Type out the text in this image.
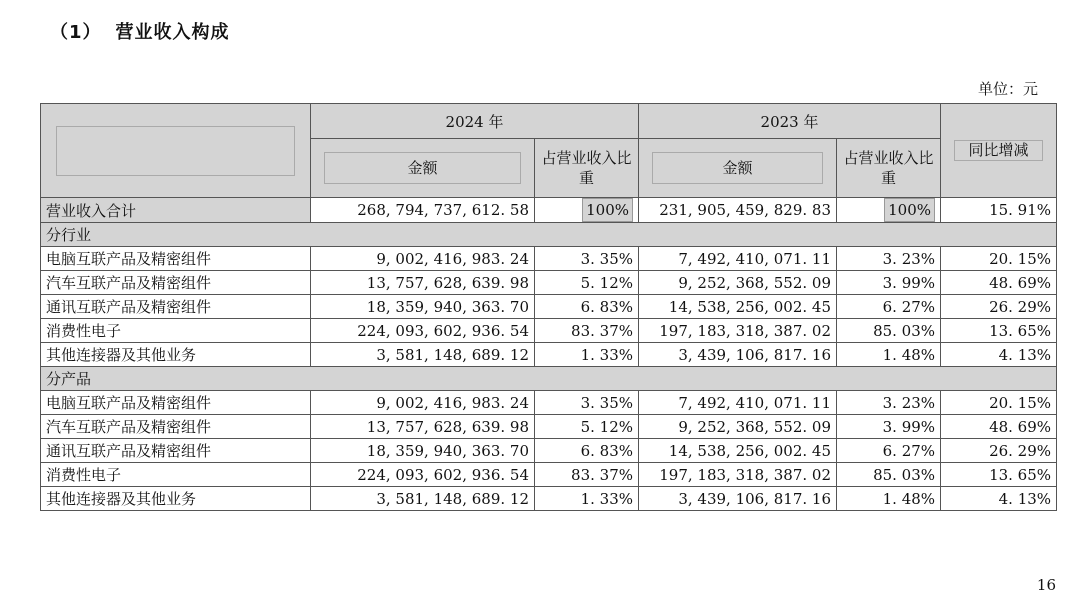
（1） 营业收入构成
单位：元
	2024 年		2023 年		同比增减

	金额	占营业收入比重	金额	占营业收入比重	

营业收入合计	268, 794, 737, 612. 58	100%	231, 905, 459, 829. 83	100%	15. 91%
分行业					
电脑互联产品及精密组件	9, 002, 416, 983. 24	3. 35%	7, 492, 410, 071. 11	3. 23%	20. 15%
汽车互联产品及精密组件	13, 757, 628, 639. 98	5. 12%	9, 252, 368, 552. 09	3. 99%	48. 69%
通讯互联产品及精密组件	18, 359, 940, 363. 70	6. 83%	14, 538, 256, 002. 45	6. 27%	26. 29%
消费性电子	224, 093, 602, 936. 54	83. 37%	197, 183, 318, 387. 02	85. 03%	13. 65%
其他连接器及其他业务	3, 581, 148, 689. 12	1. 33%	3, 439, 106, 817. 16	1. 48%	4. 13%
分产品					
电脑互联产品及精密组件	9, 002, 416, 983. 24	3. 35%	7, 492, 410, 071. 11	3. 23%	20. 15%
汽车互联产品及精密组件	13, 757, 628, 639. 98	5. 12%	9, 252, 368, 552. 09	3. 99%	48. 69%
通讯互联产品及精密组件	18, 359, 940, 363. 70	6. 83%	14, 538, 256, 002. 45	6. 27%	26. 29%
消费性电子	224, 093, 602, 936. 54	83. 37%	197, 183, 318, 387. 02	85. 03%	13. 65%
其他连接器及其他业务	3, 581, 148, 689. 12	1. 33%	3, 439, 106, 817. 16	1. 48%	4. 13%
16
